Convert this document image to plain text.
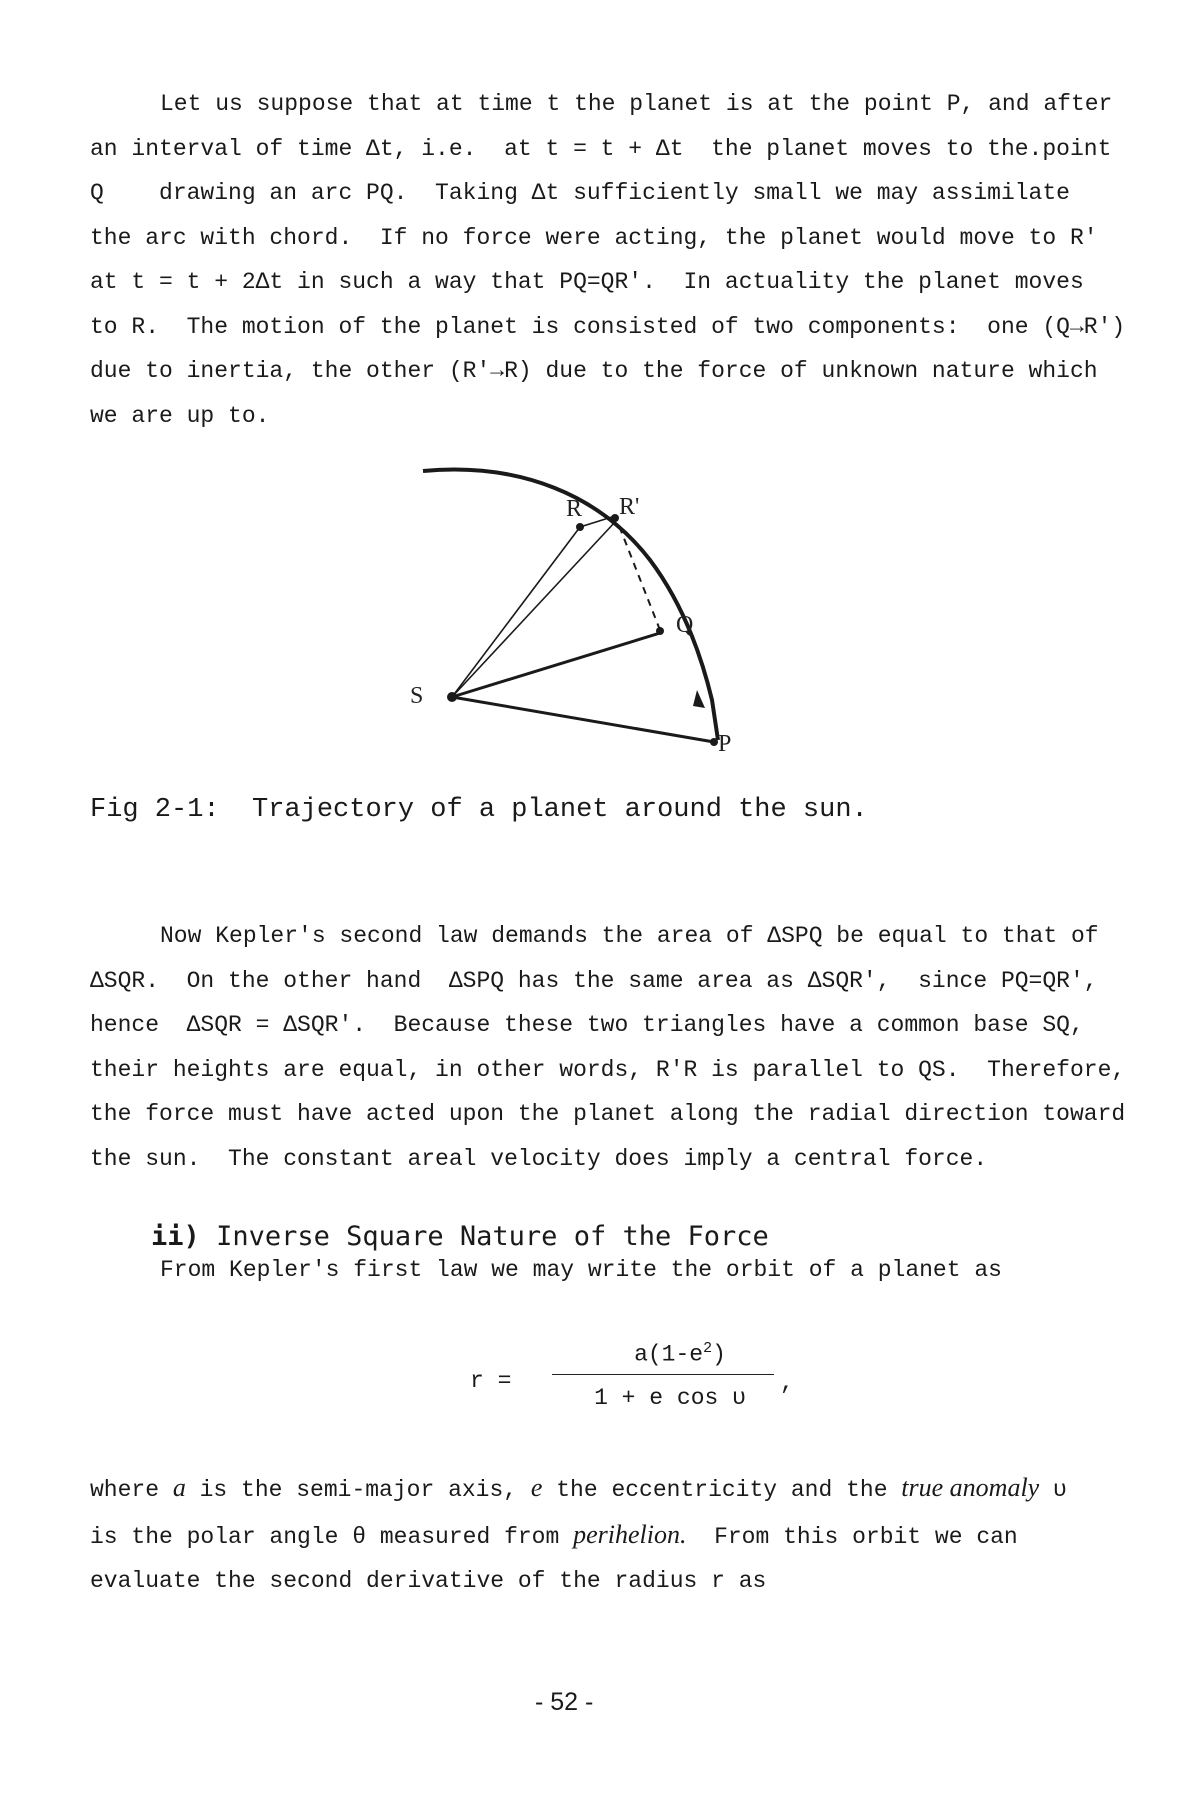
Let us suppose that at time t the planet is at the point P, and after
an interval of time Δt, i.e.  at t = t + Δt  the planet moves to the.point
Q    drawing an arc PQ.  Taking Δt sufficiently small we may assimilate
the arc with chord.  If no force were acting, the planet would move to R'
at t = t + 2Δt in such a way that PQ=QR'.  In actuality the planet moves
to R.  The motion of the planet is consisted of two components:  one (Q→R')
due to inertia, the other (R'→R) due to the force of unknown nature which
we are up to.
R R'
Q
S
P
Fig 2-1:  Trajectory of a planet around the sun.
Now Kepler's second law demands the area of ΔSPQ be equal to that of
ΔSQR.  On the other hand  ΔSPQ has the same area as ΔSQR',  since PQ=QR',
hence  ΔSQR = ΔSQR'.  Because these two triangles have a common base SQ,
their heights are equal, in other words, R'R is parallel to QS.  Therefore,
the force must have acted upon the planet along the radial direction toward
the sun.  The constant areal velocity does imply a central force.

ii) Inverse Square Nature of the Force

From Kepler's first law we may write the orbit of a planet as
r =
$a(1-e^2)$
1 + e cos υ
,
where a is the semi-major axis, e the eccentricity and the true anomaly υ
is the polar angle θ measured from perihelion.  From this orbit we can
evaluate the second derivative of the radius r as
- 52 -
